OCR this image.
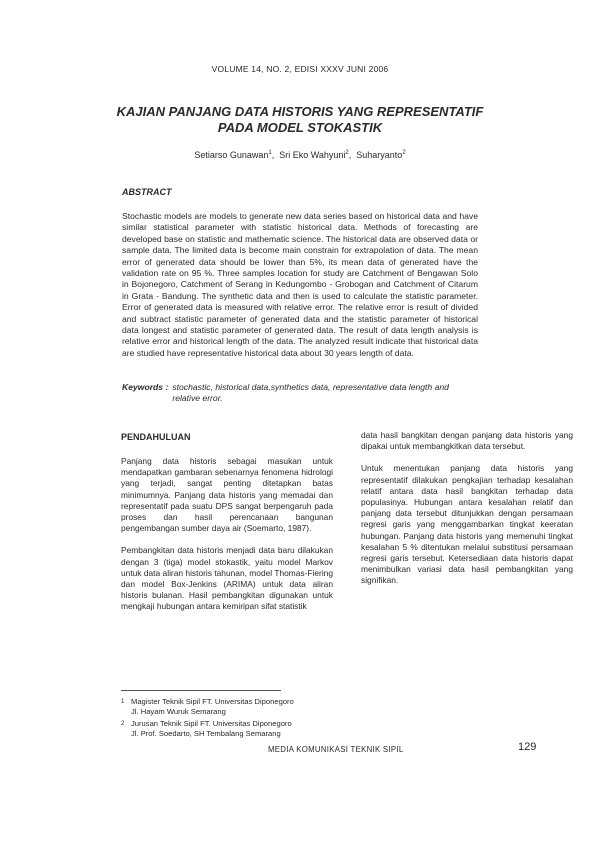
VOLUME 14, NO. 2, EDISI XXXV JUNI 2006
KAJIAN PANJANG DATA HISTORIS YANG REPRESENTATIF
PADA MODEL STOKASTIK
Setiarso Gunawan$^1$,  Sri Eko Wahyuni$^2$,  Suharyanto$^2$
ABSTRACT
Stochastic models are models to generate new data series based on historical data and have similar statistical parameter with statistic historical data. Methods of forecasting are developed base on statistic and mathematic science. The historical data are observed data or sample data. The limited data is become main constrain for extrapolation of data. The mean error of generated data should be lower than 5%, its mean data of generated have the validation rate on 95 %. Three samples location for study are Catchment of Bengawan Solo in Bojonegoro, Catchment of Serang in Kedungombo - Grobogan and Catchment of Citarum in Grata - Bandung. The synthetic data and then is used to calculate the statistic parameter. Error of generated data is measured with relative error. The relative error is result of divided and subtract statistic parameter of generated data and the statistic parameter of historical data longest and statistic parameter of generated data. The result of data length analysis is relative error and historical length of the data. The analyzed result indicate that historical data are studied have representative historical data about 30 years length of data.
Keywords : stochastic, historical data,synthetics data, representative data length and relative error.
PENDAHULUAN

Panjang data historis sebagai masukan untuk mendapatkan gambaran sebenarnya fenomena hidrologi yang terjadi, sangat penting ditetapkan batas minimumnya. Panjang data historis yang memadai dan representatif pada suatu DPS sangat berpengaruh pada proses dan hasil perencanaan bangunan pengembangan sumber daya air (Soemarto, 1987).

Pembangkitan data historis menjadi data baru dilakukan dengan 3 (tiga) model stokastik, yaitu model Markov untuk data aliran historis tahunan, model Thomas-Fiering dan model Box-Jenkins (ARIMA) untuk data aliran historis bulanan. Hasil pembangkitan digunakan untuk mengkaji hubungan antara kemiripan sifat statistik

data hasil bangkitan dengan panjang data historis yang dipakai untuk membangkitkan data tersebut.

Untuk menentukan panjang data historis yang representatif dilakukan pengkajian terhadap kesalahan relatif antara data hasil bangkitan terhadap data populasinya. Hubungan antara kesalahan relatif dan panjang data tersebut ditunjukkan dengan persamaan regresi garis yang menggambarkan tingkat keeratan hubungan. Panjang data historis yang memenuhi tingkat kesalahan 5 % ditentukan melalui substitusi persamaan regresi garis tersebut. Ketersediaan data historis dapat menimbulkan variasi data hasil pembangkitan yang signifikan.

1 Magister Teknik Sipil FT. Universitas Diponegoro
Jl. Hayam Wuruk Semarang
2 Jurusan Teknik Sipil FT. Universitas Diponegoro
Jl. Prof. Soedarto, SH Tembalang Semarang
MEDIA KOMUNIKASI TEKNIK SIPIL	129
